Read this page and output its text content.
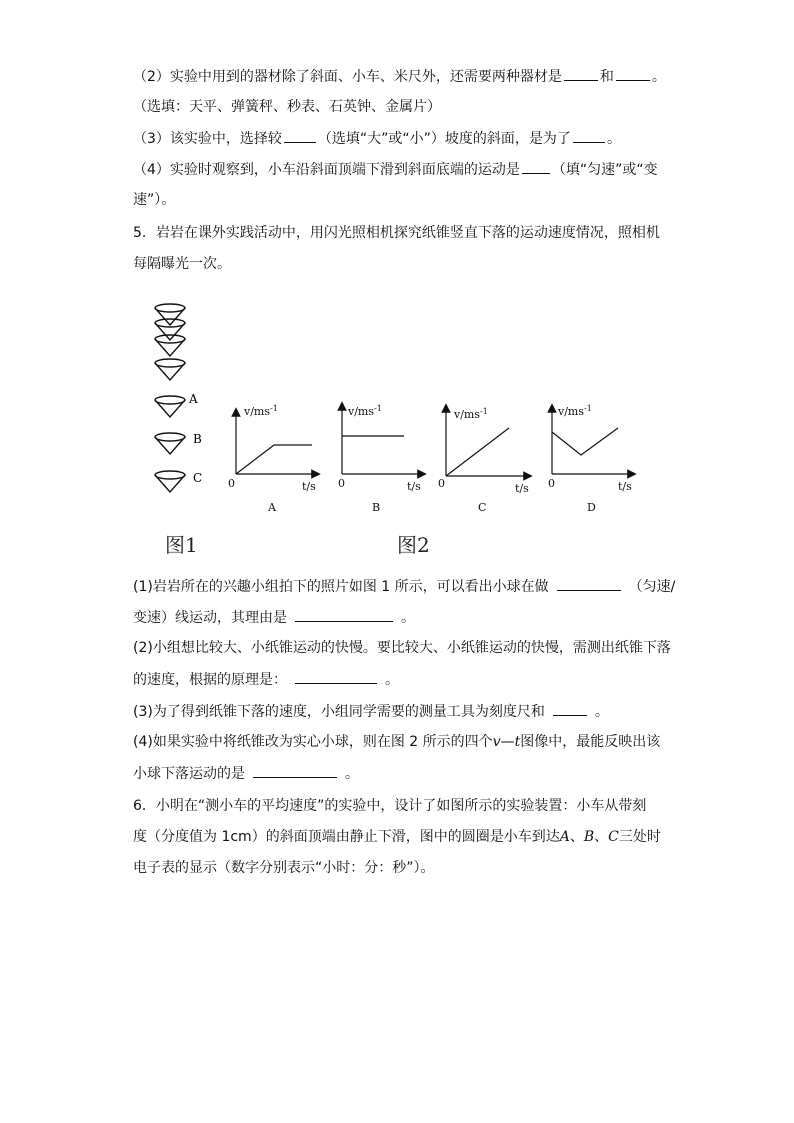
（2）实验中用到的器材除了斜面、小车、米尺外，还需要两种器材是	和	。
（选填：天平、弹簧秤、秒表、石英钟、金属片）
（3）该实验中，选择较	（选填“大”或“小”）坡度的斜面，是为了	。
（4）实验时观察到，小车沿斜面顶端下滑到斜面底端的运动是 （填“匀速”或“变
速”）。
5．岩岩在课外实践活动中，用闪光照相机探究纸锥竖直下落的运动速度情况，照相机
每隔曝光一次。
A
B
C
$v/ms^{-1}$	$v/ms^{-1}$	$v/ms^{-1}$	$v/ms^{-1}$
0	0	0	0
t/s	t/s	t/s	t/s
A	B	C	D
图1	图2
(1)岩岩所在的兴趣小组拍下的照片如图 1 所示，可以看出小球在做	（匀速/
变速）线运动，其理由是	。
(2)小组想比较大、小纸锥运动的快慢。要比较大、小纸锥运动的快慢，需测出纸锥下落
的速度，根据的原理是：	。
(3)为了得到纸锥下落的速度，小组同学需要的测量工具为刻度尺和	。
(4)如果实验中将纸锥改为实心小球，则在图 2 所示的四个v—t图像中，最能反映出该
小球下落运动的是	。
6．小明在“测小车的平均速度”的实验中，设计了如图所示的实验装置：小车从带刻
度（分度值为 1cm）的斜面顶端由静止下滑，图中的圆圈是小车到达A、B、C三处时
电子表的显示（数字分别表示“小时：分：秒”）。
